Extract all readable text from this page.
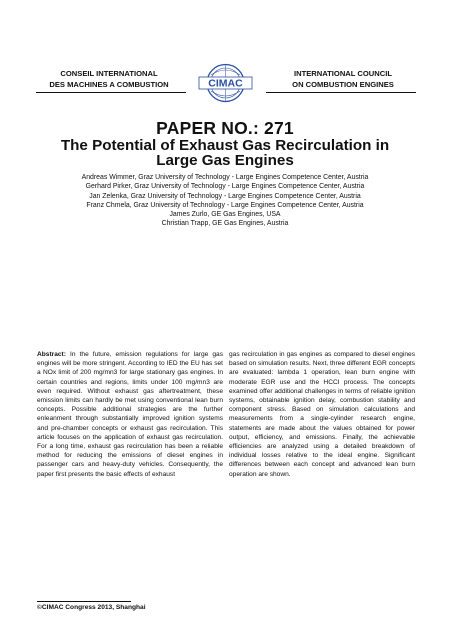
CONSEIL INTERNATIONAL
DES MACHINES A COMBUSTION	CIMAC
INTERNATIONAL COUNCIL
ON COMBUSTION ENGINES
PAPER NO.: 271
The Potential of Exhaust Gas Recirculation in
Large Gas Engines
Andreas Wimmer, Graz University of Technology - Large Engines Competence Center, Austria
Gerhard Pirker, Graz University of Technology - Large Engines Competence Center, Austria
Jan Zelenka, Graz University of Technology - Large Engines Competence Center, Austria
Franz Chmela, Graz University of Technology - Large Engines Competence Center, Austria
James Zurlo, GE Gas Engines, USA
Christian Trapp, GE Gas Engines, Austria
Abstract: In the future, emission regulations for large gas engines will be more stringent. According to IED the EU has set a NOx limit of 200 mg/mn3 for large stationary gas engines. In certain countries and regions, limits under 100 mg/mn3 are even required. Without exhaust gas aftertreatment, these emission limits can hardly be met using conventional lean burn concepts. Possible additional strategies are the further enleanment through substantially improved ignition systems and pre-chamber concepts or exhaust gas recirculation. This article focuses on the application of exhaust gas recirculation. For a long time, exhaust gas recirculation has been a reliable method for reducing the emissions of diesel engines in passenger cars and heavy-duty vehicles. Consequently, the paper first presents the basic effects of exhaust
gas recirculation in gas engines as compared to diesel engines based on simulation results. Next, three different EGR concepts are evaluated: lambda 1 operation, lean burn engine with moderate EGR use and the HCCI process. The concepts examined offer additional challenges in terms of reliable ignition systems, obtainable ignition delay, combustion stability and component stress. Based on simulation calculations and measurements from a single-cylinder research engine, statements are made about the values obtained for power output, efficiency, and emissions. Finally, the achievable efficiencies are analyzed using a detailed breakdown of individual losses relative to the ideal engine. Significant differences between each concept and advanced lean burn operation are shown.
©CIMAC Congress 2013, Shanghai
